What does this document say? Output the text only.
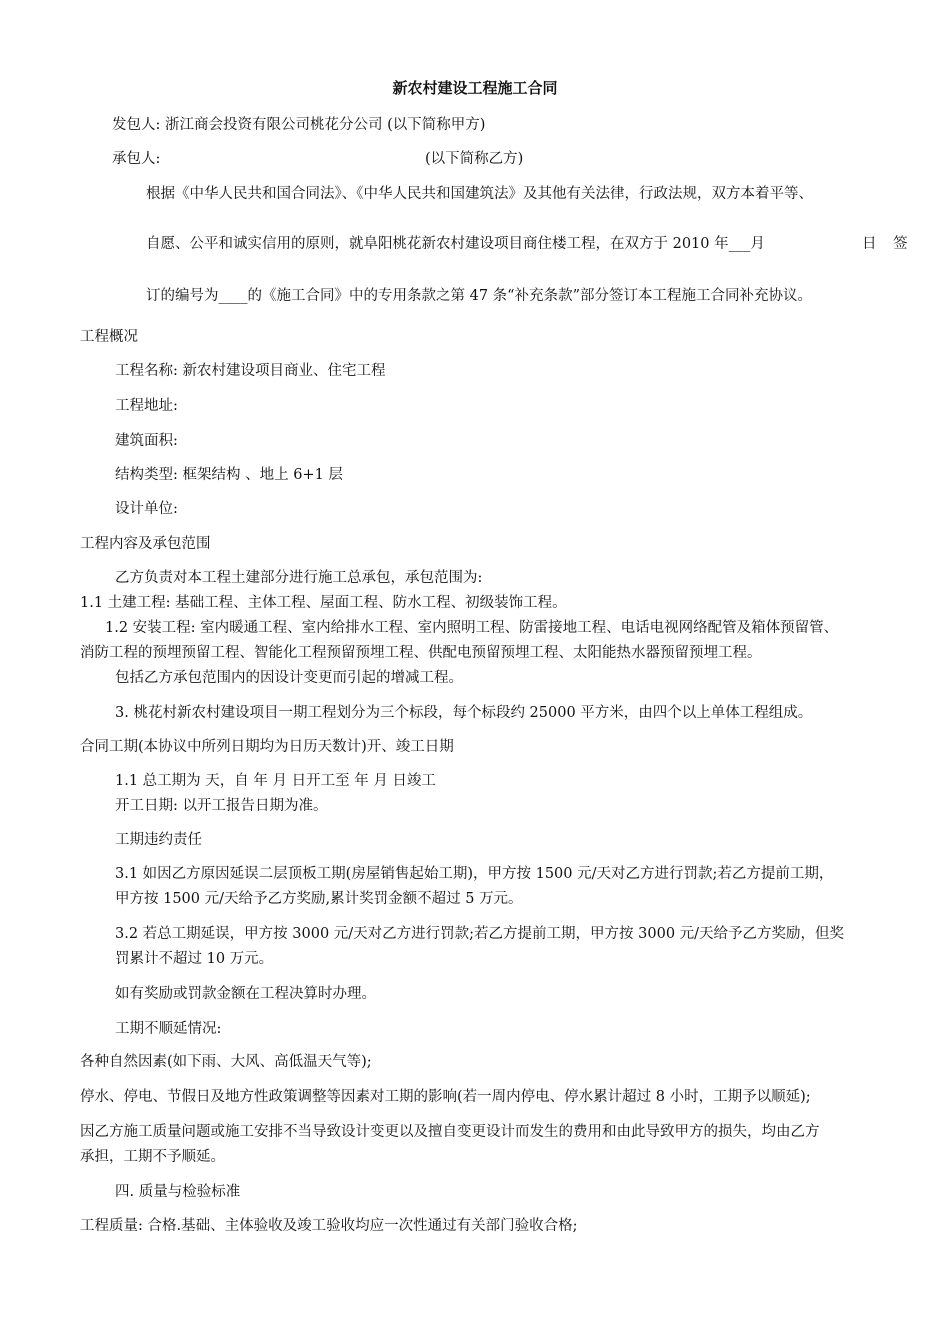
新农村建设工程施工合同
发包人: 浙江商会投资有限公司桃花分公司 (以下简称甲方)
承包人:	(以下简称乙方)
根据《中华人民共和国合同法》、《中华人民共和国建筑法》及其他有关法律，行政法规，双方本着平等、
自愿、公平和诚实信用的原则，就阜阳桃花新农村建设项目商住楼工程，在双方于 2010 年___月	日 签
订的编号为____的《施工合同》中的专用条款之第 47 条“补充条款”部分签订本工程施工合同补充协议。
工程概况
工程名称: 新农村建设项目商业、住宅工程
工程地址:
建筑面积:
结构类型: 框架结构 、地上 6+1 层
设计单位:
工程内容及承包范围
乙方负责对本工程土建部分进行施工总承包，承包范围为:
1.1 土建工程: 基础工程、主体工程、屋面工程、防水工程、初级装饰工程。
1.2 安装工程: 室内暖通工程、室内给排水工程、室内照明工程、防雷接地工程、电话电视网络配管及箱体预留管、
消防工程的预埋预留工程、智能化工程预留预埋工程、供配电预留预埋工程、太阳能热水器预留预埋工程。
包括乙方承包范围内的因设计变更而引起的增减工程。
3. 桃花村新农村建设项目一期工程划分为三个标段，每个标段约 25000 平方米，由四个以上单体工程组成。
合同工期(本协议中所列日期均为日历天数计)开、竣工日期
1.1 总工期为 天，自 年 月 日开工至 年 月 日竣工
开工日期: 以开工报告日期为准。
工期违约责任
3.1 如因乙方原因延误二层顶板工期(房屋销售起始工期)，甲方按 1500 元/天对乙方进行罚款;若乙方提前工期，
甲方按 1500 元/天给予乙方奖励,累计奖罚金额不超过 5 万元。
3.2 若总工期延误，甲方按 3000 元/天对乙方进行罚款;若乙方提前工期，甲方按 3000 元/天给予乙方奖励，但奖
罚累计不超过 10 万元。
如有奖励或罚款金额在工程决算时办理。
工期不顺延情况:
各种自然因素(如下雨、大风、高低温天气等);
停水、停电、节假日及地方性政策调整等因素对工期的影响(若一周内停电、停水累计超过 8 小时，工期予以顺延);
因乙方施工质量问题或施工安排不当导致设计变更以及擅自变更设计而发生的费用和由此导致甲方的损失，均由乙方
承担，工期不予顺延。
四. 质量与检验标准
工程质量: 合格.基础、主体验收及竣工验收均应一次性通过有关部门验收合格;
